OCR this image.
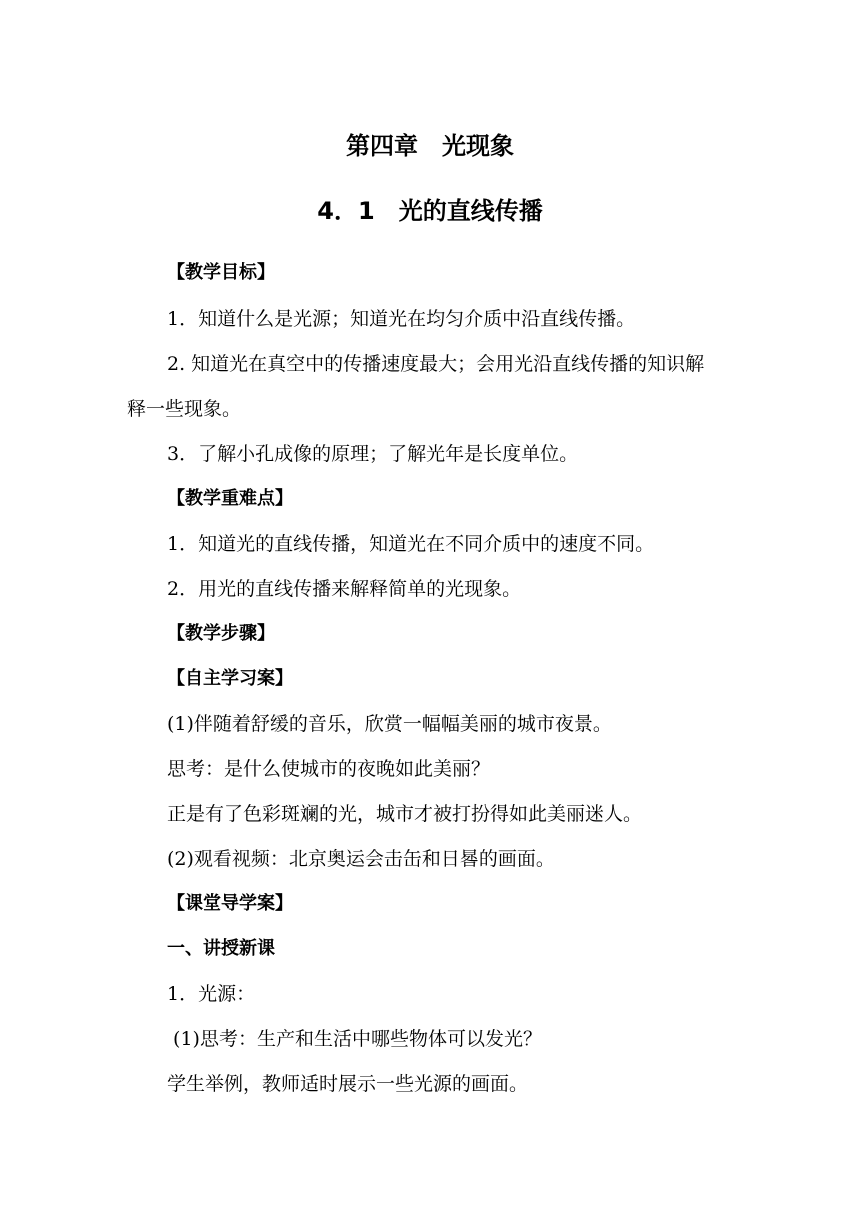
第四章　光现象
4．1　光的直线传播
【教学目标】
1．知道什么是光源；知道光在均匀介质中沿直线传播。
2. 知道光在真空中的传播速度最大；会用光沿直线传播的知识解
释一些现象。
3．了解小孔成像的原理；了解光年是长度单位。
【教学重难点】
1．知道光的直线传播，知道光在不同介质中的速度不同。
2．用光的直线传播来解释简单的光现象。
【教学步骤】
【自主学习案】
(1)伴随着舒缓的音乐，欣赏一幅幅美丽的城市夜景。
思考：是什么使城市的夜晚如此美丽？
正是有了色彩斑斓的光，城市才被打扮得如此美丽迷人。
(2)观看视频：北京奥运会击缶和日晷的画面。
【课堂导学案】
一、讲授新课
1．光源：
(1)思考：生产和生活中哪些物体可以发光？
学生举例，教师适时展示一些光源的画面。
